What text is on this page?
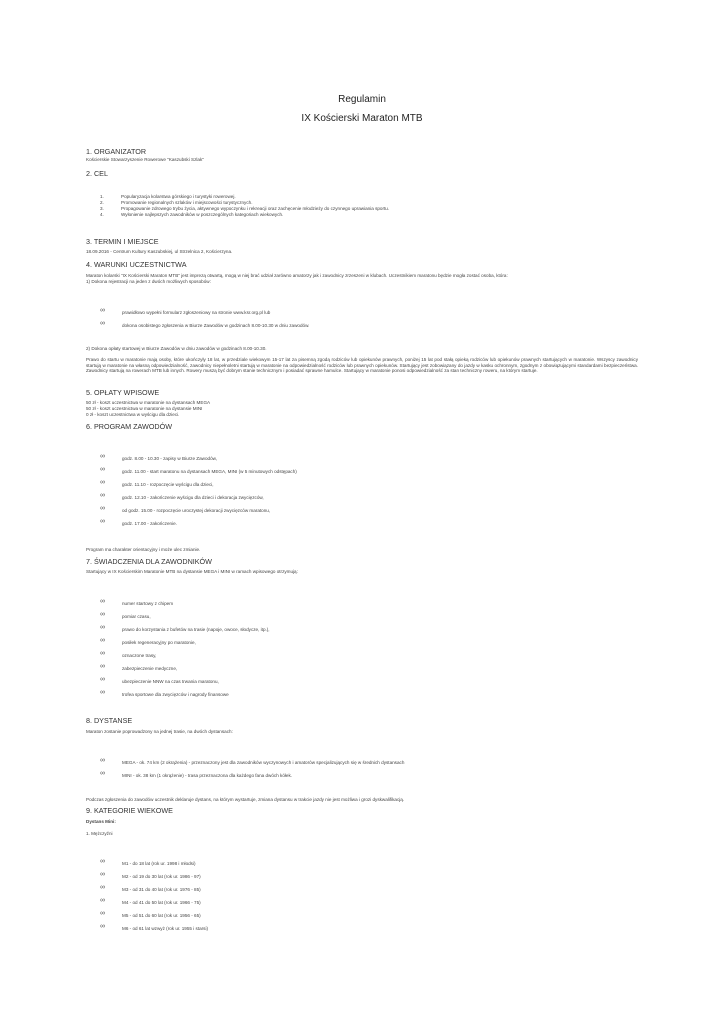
Regulamin
IX Kościerski Maraton MTB
1. ORGANIZATOR
Kościerskie Stowarzyszenie Rowerowe "Kaszubski Szlak"
2. CEL
1.	Popularyzacja kolarstwa górskiego i turystyki rowerowej.
2.	Promowanie regionalnych szlaków i miejscowości turystycznych.
3.	Propagowanie zdrowego trybu życia, aktywnego wypoczynku i rekreacji oraz zachęcenie młodzieży do czynnego uprawiania sportu.
4.	Wyłonienie najlepszych zawodników w poszczególnych kategoriach wiekowych.
3. TERMIN I MIEJSCE
18.09.2016 - Centrum Kultury Kaszubskiej, ul Strzelnica 2, Kościerzyna.
4. WARUNKI UCZESTNICTWA
Maraton kolarski "IX Kościerski Maraton MTB" jest imprezą otwartą, mogą w niej brać udział zarówno amatorzy jak i zawodnicy zrzeszeni w klubach. Uczestnikiem maratonu będzie mogła zostać osoba, która:
1) Dokona rejestracji na jeden z dwóch możliwych sposobów:
∞	prawidłowo wypełni formularz zgłoszeniowy na stronie www.ksr.org.pl lub
∞	dokona osobistego zgłoszenia w Biurze Zawodów w godzinach 8.00-10.30 w dniu zawodów.
2) Dokona opłaty startowej w Biurze Zawodów w dniu zawodów w godzinach 8.00-10.30.
Prawo do startu w maratonie mają osoby, które ukończyły 18 lat, w przedziale wiekowym 15-17 lat za pisemną zgodą rodziców lub opiekunów prawnych, poniżej 15 lat pod stałą opieką rodziców lub opiekunów prawnych startujących w maratonie. Wszyscy zawodnicy startują w maratonie na własną odpowiedzialność, zawodnicy niepełnoletni startują w maratonie na odpowiedzialność rodziców lub prawnych opiekunów. Startujący jest zobowiązany do jazdy w kasku ochronnym, zgodnym z obowiązującymi standardami bezpieczeństwa. Zawodnicy startują na rowerach MTB lub innych. Rowery muszą być dobrym stanie technicznym i posiadać sprawne hamulce. Startujący w maratonie ponosi odpowiedzialność za stan techniczny roweru, na którym startuje.
5. OPŁATY WPISOWE
50 zł - koszt uczestnictwa w maratonie na dystansach MEGA
50 zł - koszt uczestnictwa w maratonie na dystansie MINI
0 zł - koszt uczestnictwa w wyścigu dla dzieci.
6. PROGRAM ZAWODÓW
∞	godz. 8.00 - 10.30 - zapisy w Biurze Zawodów,
∞	godz. 11.00 - start maratonu na dystansach MEGA, MINI (w 5 minutowych odstępach)
∞	godz. 11.10 - rozpoczęcie wyścigu dla dzieci,
∞	godz. 12.10 - zakończenie wyścigu dla dzieci i dekoracja zwycięzców,
∞	od godz. 15.00 - rozpoczęcie uroczystej dekoracji zwycięzców maratonu,
∞	godz. 17.00 - zakończenie.
Program ma charakter orientacyjny i może ulec zmianie.
7. ŚWIADCZENIA DLA ZAWODNIKÓW
Startujący w IX Kościerskim Maratonie MTB na dystansie MEGA i MINI w ramach wpisowego otrzymują:
∞	numer startowy z chipem
∞	pomiar czasu,
∞	prawo do korzystania z bufetów na trasie (napoje, owoce, słodycze, itp.),
∞	posiłek regeneracyjny po maratonie,
∞	oznaczone trasy,
∞	zabezpieczenie medyczne,
∞	ubezpieczenie NNW na czas trwania maratonu,
∞	trofea sportowe dla zwycięzców i nagrody finansowe
8. DYSTANSE
Maraton zostanie poprowadzony na jednej trasie, na dwóch dystansach:
∞	MEGA - ok. 74 km (2 okrążenia) - przeznaczony jest dla zawodników wyczynowych i amatorów specjalizujących się w średnich dystansach
∞	MINI - ok. 38 km (1 okrążenie) - trasa przeznaczona dla każdego fana dwóch kółek.
Podczas zgłoszenia do zawodów uczestnik deklaruje dystans, na którym wystartuje, zmiana dystansu w trakcie jazdy nie jest możliwa i grozi dyskwalifikacją.
9. KATEGORIE WIEKOWE
Dystans Mini:
1. Mężczyźni
∞	M1 - do 18 lat (rok ur. 1998 i młodsi)
∞	M2 - od 19 do 30 lat (rok ur. 1986 - 97)
∞	M3 - od 31 do 40 lat (rok ur. 1976 - 85)
∞	M4 - od 41 do 50 lat (rok ur. 1966 - 75)
∞	M5 - od 51 do 60 lat (rok ur. 1956 - 65)
∞	M6 - od 61 lat wzwyż (rok ur. 1955 i starsi)
